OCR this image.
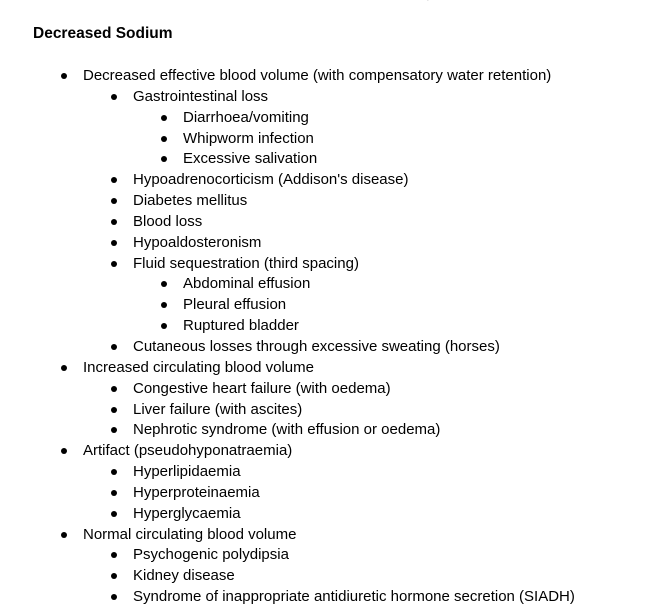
Decreased Sodium
Decreased effective blood volume (with compensatory water retention)
Gastrointestinal loss
Diarrhoea/vomiting
Whipworm infection
Excessive salivation
Hypoadrenocorticism (Addison's disease)
Diabetes mellitus
Blood loss
Hypoaldosteronism
Fluid sequestration (third spacing)
Abdominal effusion
Pleural effusion
Ruptured bladder
Cutaneous losses through excessive sweating (horses)
Increased circulating blood volume
Congestive heart failure (with oedema)
Liver failure (with ascites)
Nephrotic syndrome (with effusion or oedema)
Artifact (pseudohyponatraemia)
Hyperlipidaemia
Hyperproteinaemia
Hyperglycaemia
Normal circulating blood volume
Psychogenic polydipsia
Kidney disease
Syndrome of inappropriate antidiuretic hormone secretion (SIADH)
